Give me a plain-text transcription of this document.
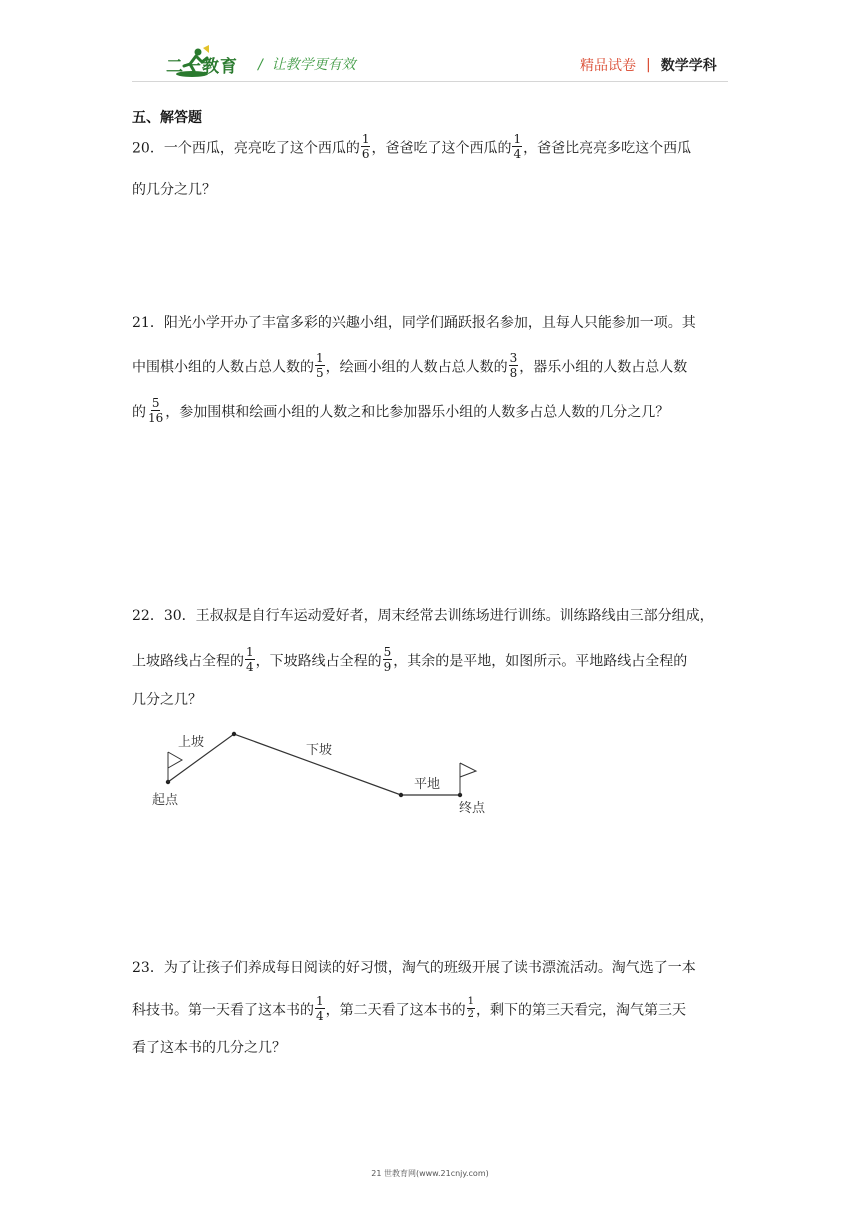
二一教育 / 让教学更有效	精品试卷 | 数学学科
五、解答题
20．一个西瓜，亮亮吃了这个西瓜的 $\frac{1}{6}$ ，爸爸吃了这个西瓜的 $\frac{1}{4}$ ，爸爸比亮亮多吃这个西瓜
的几分之几？
21．阳光小学开办了丰富多彩的兴趣小组，同学们踊跃报名参加，且每人只能参加一项。其
中围棋小组的人数占总人数的 $\frac{1}{5}$ ，绘画小组的人数占总人数的 $\frac{3}{8}$ ，器乐小组的人数占总人数
的 $\frac{5}{16}$ ，参加围棋和绘画小组的人数之和比参加器乐小组的人数多占总人数的几分之几？
22．30．王叔叔是自行车运动爱好者，周末经常去训练场进行训练。训练路线由三部分组成，
上坡路线占全程的 $\frac{1}{4}$ ，下坡路线占全程的 $\frac{5}{9}$ ，其余的是平地，如图所示。平地路线占全程的
几分之几？
上坡
下坡
平地
起点
终点
23．为了让孩子们养成每日阅读的好习惯，淘气的班级开展了读书漂流活动。淘气选了一本
科技书。第一天看了这本书的 $\frac{1}{4}$ ，第二天看了这本书的 $\frac{1}{2}$ ，剩下的第三天看完，淘气第三天
看了这本书的几分之几？
21 世教育网(www.21cnjy.com)
